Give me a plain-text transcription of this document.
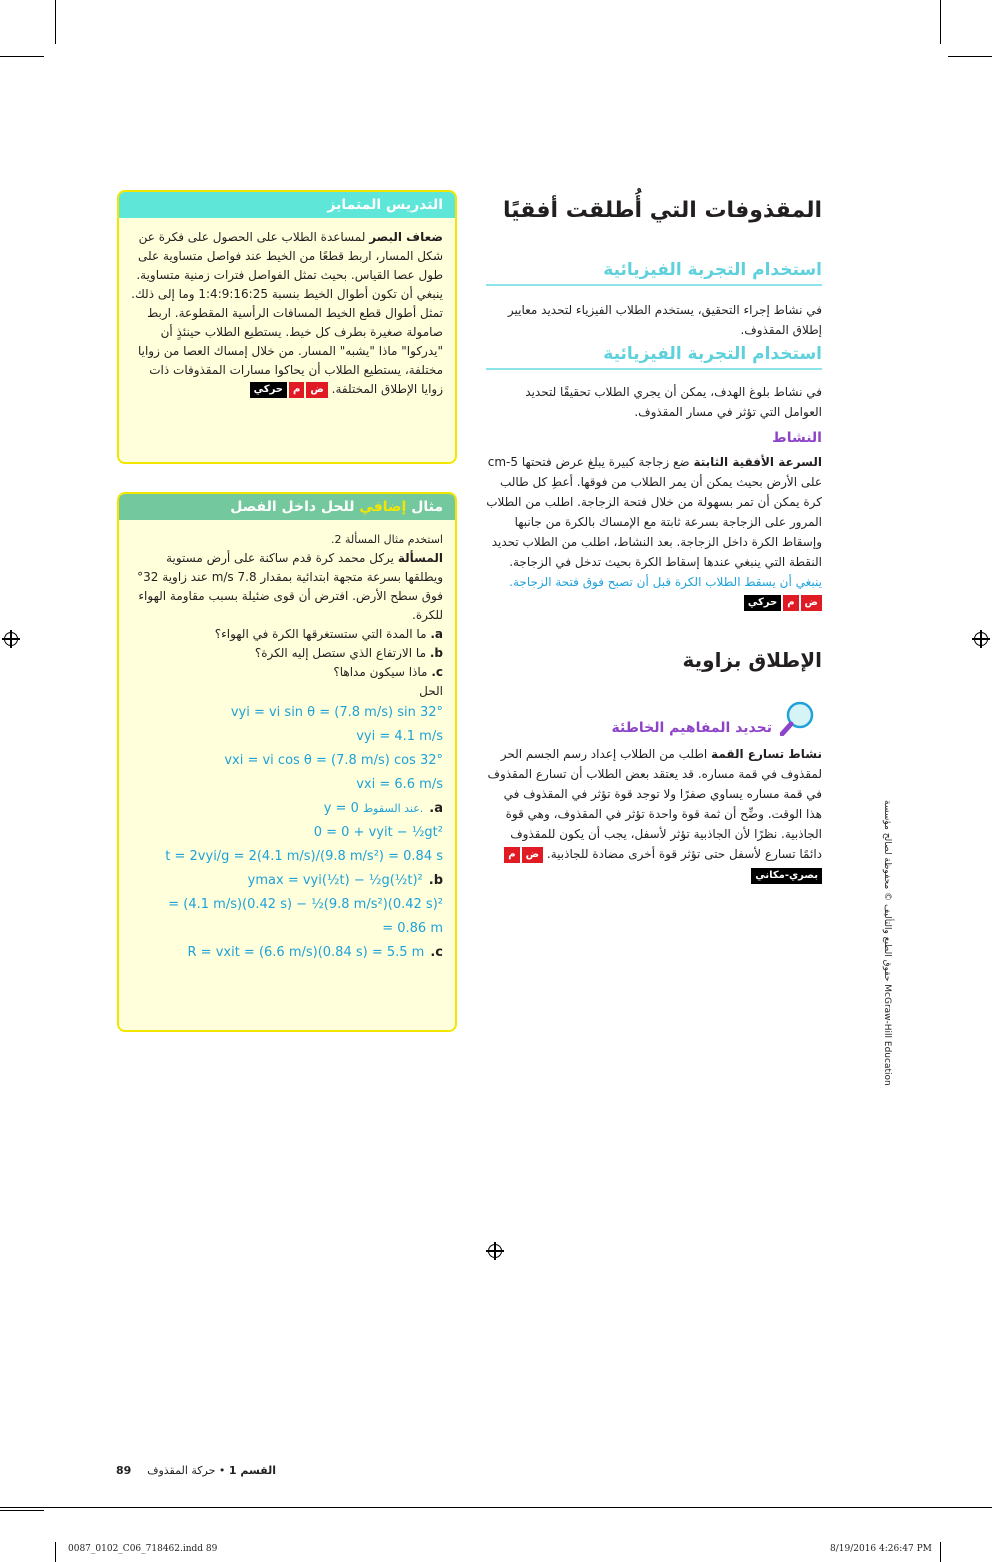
المقذوفات التي أُطلقت أفقيًا
استخدام التجربة الفيزيائية
في نشاط إجراء التحقيق، يستخدم الطلاب الفيزياء لتحديد معايير إطلاق المقذوف.
استخدام التجربة الفيزيائية
في نشاط بلوغ الهدف، يمكن أن يجري الطلاب تحقيقًا لتحديد العوامل التي تؤثر في مسار المقذوف.
النشاط
السرعة الأفقية الثابتة ضع زجاجة كبيرة يبلغ عرض فتحتها 5-cm على الأرض بحيث يمكن أن يمر الطلاب من فوقها. أعطِ كل طالب كرة يمكن أن تمر بسهولة من خلال فتحة الزجاجة. اطلب من الطلاب المرور على الزجاجة بسرعة ثابتة مع الإمساك بالكرة من جانبها وإسقاط الكرة داخل الزجاجة. بعد النشاط، اطلب من الطلاب تحديد النقطة التي ينبغي عندها إسقاط الكرة بحيث تدخل في الزجاجة. ينبغي أن يسقط الطلاب الكرة قبل أن تصبح فوق فتحة الزجاجة.
ض
م
حركي
الإطلاق بزاوية
تحديد المفاهيم الخاطئة
نشاط تسارع القمة اطلب من الطلاب إعداد رسم الجسم الحر لمقذوف في قمة مساره. قد يعتقد بعض الطلاب أن تسارع المقذوف في قمة مساره يساوي صفرًا ولا توجد قوة تؤثر في المقذوف في هذا الوقت. وضِّح أن ثمة قوة واحدة تؤثر في المقذوف، وهي قوة الجاذبية. نظرًا لأن الجاذبية تؤثر لأسفل، يجب أن يكون للمقذوف دائمًا تسارع لأسفل حتى تؤثر قوة أخرى مضادة للجاذبية.
ض
م
بصري-مكاني	حقوق الطبع والتأليف © محفوظة لصالح مؤسسة McGraw-Hill Education
التدريس المتمايز
ضعاف البصر لمساعدة الطلاب على الحصول على فكرة عن شكل المسار، اربط قطعًا من الخيط عند فواصل متساوية على طول عصا القياس. بحيث تمثل الفواصل فترات زمنية متساوية. ينبغي أن تكون أطوال الخيط بنسبة 1:4:9:16:25 وما إلى ذلك. تمثل أطوال قطع الخيط المسافات الرأسية المقطوعة. اربط صامولة صغيرة بطرف كل خيط. يستطيع الطلاب حينئذٍ أن "يدركوا" ماذا "يشبه" المسار. من خلال إمساك العصا من زوايا مختلفة، يستطيع الطلاب أن يحاكوا مسارات المقذوفات ذات زوايا الإطلاق المختلفة.
ض
م
حركي
مثال إضافي للحل داخل الفصل
استخدم مثال المسألة 2.
المسألة يركل محمد كرة قدم ساكنة على أرض مستوية ويطلقها بسرعة متجهة ابتدائية بمقدار 7.8 m/s عند زاوية 32° فوق سطح الأرض. افترض أن قوى ضئيلة بسبب مقاومة الهواء للكرة.
a. ما المدة التي ستستغرقها الكرة في الهواء؟
b. ما الارتفاع الذي ستصل إليه الكرة؟
c. ماذا سيكون مداها؟
الحل
vyi = vi sin θ = (7.8 m/s) sin 32°
vyi = 4.1 m/s
vxi = vi cos θ = (7.8 m/s) cos 32°
vxi = 6.6 m/s
y = 0 عند السقوط. .a
0 = 0 + vyit − ½gt²
t = 2vyi/g = 2(4.1 m/s)/(9.8 m/s²) = 0.84 s
ymax = vyi(½t) − ½g(½t)² .b
= (4.1 m/s)(0.42 s) − ½(9.8 m/s²)(0.42 s)²
= 0.86 m
R = vxit = (6.6 m/s)(0.84 s) = 5.5 m .c
القسم 1 • حركة المقذوف
89
0087_0102_C06_718462.indd 89	8/19/2016 4:26:47 PM
